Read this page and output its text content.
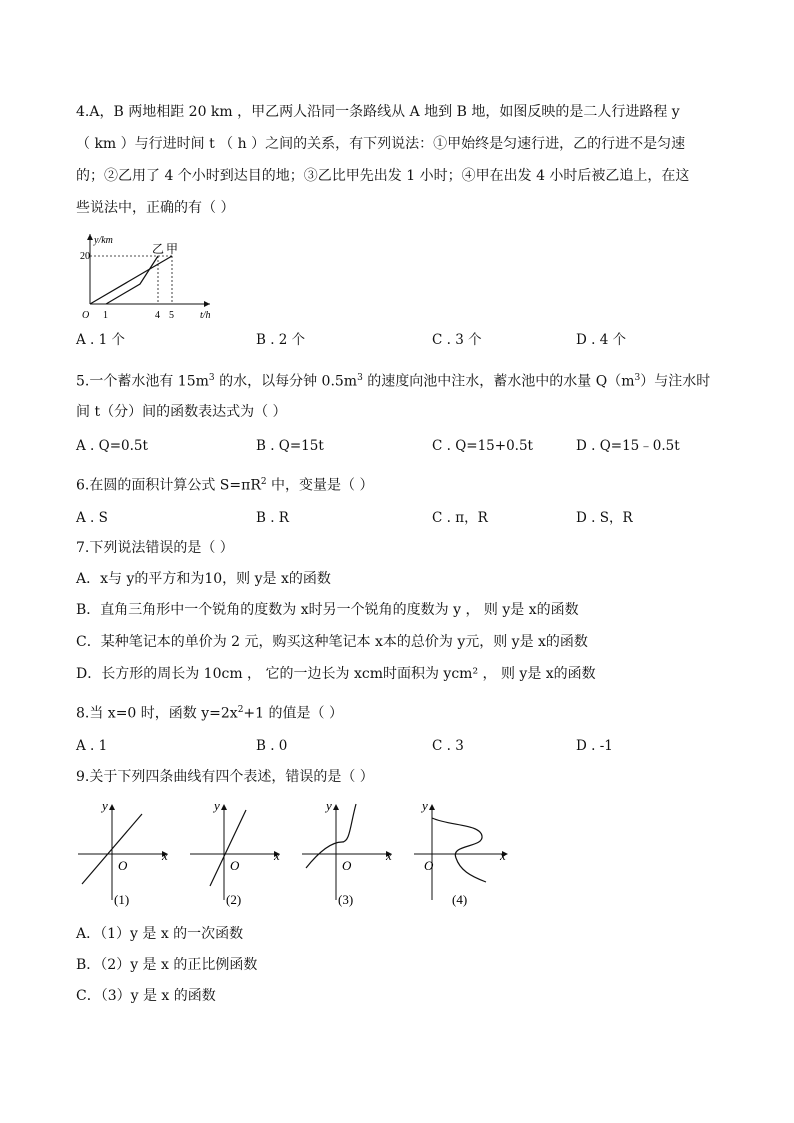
4.A，B 两地相距 20 km ，甲乙两人沿同一条路线从 A 地到 B 地，如图反映的是二人行进路程 y
（ km ）与行进时间 t （ h ）之间的关系，有下列说法：①甲始终是匀速行进，乙的行进不是匀速
的；②乙用了 4 个小时到达目的地；③乙比甲先出发 1 小时；④甲在出发 4 小时后被乙追上，在这
些说法中，正确的有（ ）
y/km
t/h
O
20
1	4 5
乙 甲
A . 1 个	B . 2 个	C . 3 个	D . 4 个
5.一个蓄水池有 $15m^3$ 的水，以每分钟 $0.5m^3$ 的速度向池中注水，蓄水池中的水量 $Q(m^3)$与注水时
间 t（分）间的函数表达式为（ ）
A . Q=0.5t	B . Q=15t	C . Q=15+0.5t	D . Q=15﹣0.5t
6.在圆的面积计算公式 $S=\pi R^2$ 中，变量是（ ）
A . S	B . R	C . π，R	D . S，R
7.下列说法错误的是（ ）
A．x与 y的平方和为10，则 y是 x的函数
B．直角三角形中一个锐角的度数为 x时另一个锐角的度数为 y ， 则 y是 x的函数
C．某种笔记本的单价为 2 元，购买这种笔记本 x本的总价为 y元，则 y是 x的函数
D．长方形的周长为 10cm ， 它的一边长为 xcm时面积为 ycm² ， 则 y是 x的函数
8.当 x=0 时，函数 $y=2x^2+1$ 的值是（ ）
A . 1	B . 0	C . 3	D . -1
9.关于下列四条曲线有四个表述，错误的是（ ）
y
x
O
(1)
y
x
O
(2)
y
x
O
(3)
y
x
O
(4)
A．（1）y 是 x 的一次函数
B．（2）y 是 x 的正比例函数
C．（3）y 是 x 的函数
